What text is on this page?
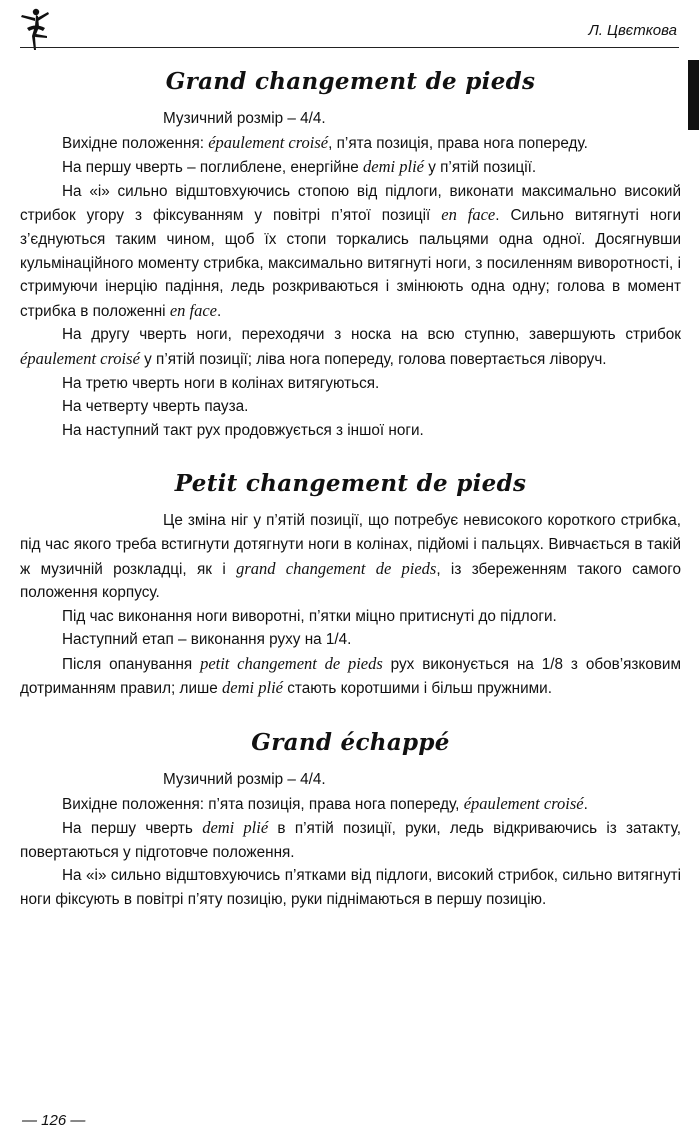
Л. Цвєткова
Grand changement de pieds

Музичний розмір – 4/4.

Вихідне положення: épaulement croisé, п’ята позиція, права нога попереду.

На першу чверть – поглиблене, енергійне demi plié у п’ятій позиції.

На «і» сильно відштовхуючись стопою від підлоги, виконати максимально високий стрибок угору з фіксуванням у повітрі п’ятої позиції en face. Сильно витягнуті ноги з’єднуються таким чином, щоб їх стопи торкались пальцями одна одної. Досягнувши кульмінаційного моменту стрибка, максимально витягнуті ноги, з посиленням виворотності, і стримуючи інерцію падіння, ледь розкриваються і змінюють одна одну; голова в момент стрибка в положенні en face.

На другу чверть ноги, переходячи з носка на всю ступню, завершують стрибок épaulement croisé у п’ятій позиції; ліва нога попереду, голова повертається ліворуч.

На третю чверть ноги в колінах витягуються.

На четверту чверть пауза.

На наступний такт рух продовжується з іншої ноги.

Petit changement de pieds

Це зміна ніг у п’ятій позиції, що потребує невисокого короткого стрибка, під час якого треба встигнути дотягнути ноги в колінах, підйомі і пальцях. Вивчається в такій ж музичній розкладці, як і grand changement de pieds, із збереженням такого самого положення корпусу.

Під час виконання ноги виворотні, п’ятки міцно притиснуті до підлоги.

Наступний етап – виконання руху на 1/4.

Після опанування petit changement de pieds рух виконується на 1/8 з обов’язковим дотриманням правил; лише demi plié стають коротшими і більш пружними.

Grand échappé

Музичний розмір – 4/4.

Вихідне положення: п’ята позиція, права нога попереду, épaulement croisé.

На першу чверть demi plié в п’ятій позиції, руки, ледь відкриваючись із затакту, повертаються у підготовче положення.

На «і» сильно відштовхуючись п’ятками від підлоги, високий стрибок, сильно витягнуті ноги фіксують в повітрі п’яту позицію, руки піднімаються в першу позицію.

— 126 —
